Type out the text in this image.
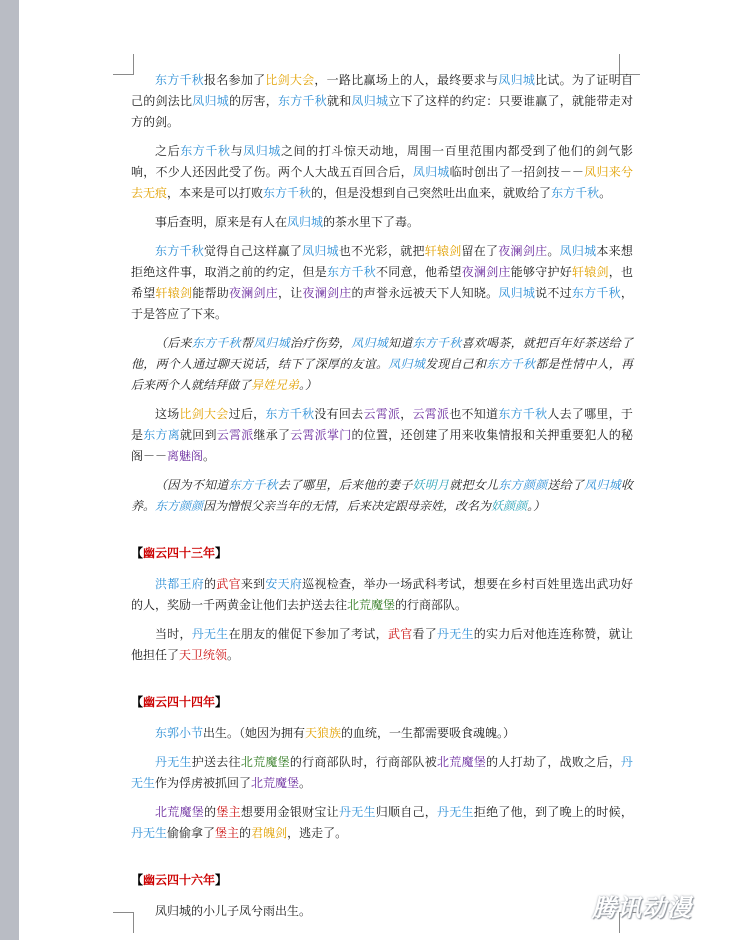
东方千秋报名参加了比剑大会，一路比赢场上的人，最终要求与凤归城比试。为了证明自己的剑法比凤归城的厉害，东方千秋就和凤归城立下了这样的约定：只要谁赢了，就能带走对方的剑。

之后东方千秋与凤归城之间的打斗惊天动地，周围一百里范围内都受到了他们的剑气影响，不少人还因此受了伤。两个人大战五百回合后，凤归城临时创出了一招剑技－－凤归来兮去无痕，本来是可以打败东方千秋的，但是没想到自己突然吐出血来，就败给了东方千秋。

事后查明，原来是有人在凤归城的茶水里下了毒。

东方千秋觉得自己这样赢了凤归城也不光彩，就把轩辕剑留在了夜澜剑庄。凤归城本来想拒绝这件事，取消之前的约定，但是东方千秋不同意，他希望夜澜剑庄能够守护好轩辕剑，也希望轩辕剑能帮助夜澜剑庄，让夜澜剑庄的声誉永远被天下人知晓。凤归城说不过东方千秋，于是答应了下来。

（后来东方千秋帮凤归城治疗伤势，凤归城知道东方千秋喜欢喝茶，就把百年好茶送给了他，两个人通过聊天说话，结下了深厚的友谊。凤归城发现自己和东方千秋都是性情中人，再后来两个人就结拜做了异姓兄弟。）

这场比剑大会过后，东方千秋没有回去云霄派，云霄派也不知道东方千秋人去了哪里，于是东方离就回到云霄派继承了云霄派掌门的位置，还创建了用来收集情报和关押重要犯人的秘阁－－离魅阁。

（因为不知道东方千秋去了哪里，后来他的妻子妖明月就把女儿东方颜颜送给了凤归城收养。东方颜颜因为憎恨父亲当年的无情，后来决定跟母亲姓，改名为妖颜颜。）

【幽云四十三年】

洪都王府的武官来到安天府巡视检查，举办一场武科考试，想要在乡村百姓里选出武功好的人，奖励一千两黄金让他们去护送去往北荒魔堡的行商部队。

当时，丹无生在朋友的催促下参加了考试，武官看了丹无生的实力后对他连连称赞，就让他担任了天卫统领。

【幽云四十四年】

东郭小节出生。（她因为拥有天狼族的血统，一生都需要吸食魂魄。）

丹无生护送去往北荒魔堡的行商部队时，行商部队被北荒魔堡的人打劫了，战败之后，丹无生作为俘虏被抓回了北荒魔堡。

北荒魔堡的堡主想要用金银财宝让丹无生归顺自己，丹无生拒绝了他，到了晚上的时候，丹无生偷偷拿了堡主的君魄剑，逃走了。

【幽云四十六年】

凤归城的小儿子凤兮雨出生。	腾讯动漫
